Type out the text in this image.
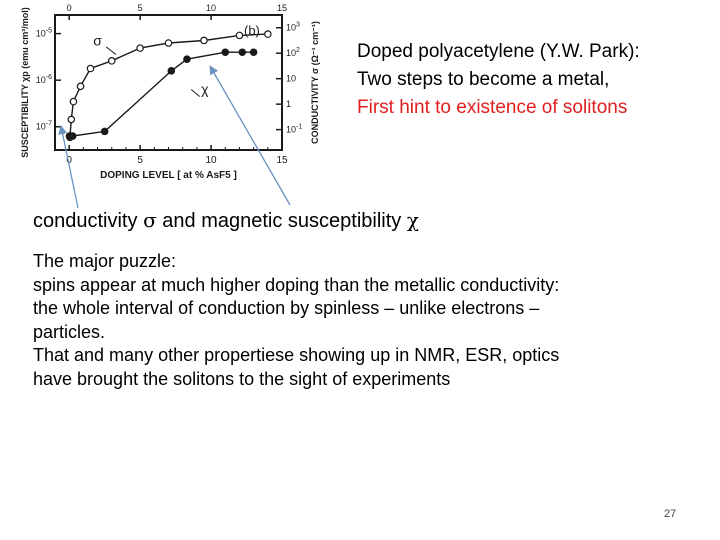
0
0
5
5
10
10
15
15
$10^{-5}$
$10^{-6}$
$10^{-7}$
$10^3$
$10^2$
10
1
$10^{-1}$
SUSCEPTIBILITY χp (emu cm³/mol)	CONDUCTIVITY σ (Ω⁻¹ cm⁻¹)
DOPING LEVEL [ at % AsF5 ]
(b)
σ
χ
Doped polyacetylene (Y.W. Park):
Two steps to become a metal,
First hint to existence of solitons
conductivity σ and magnetic susceptibility χ
The major puzzle:
spins appear at much higher doping than the metallic conductivity:
the whole interval of conduction by spinless – unlike electrons –
particles.
That and many other propertiese showing up in NMR, ESR, optics
have brought the solitons to the sight of experiments
27
